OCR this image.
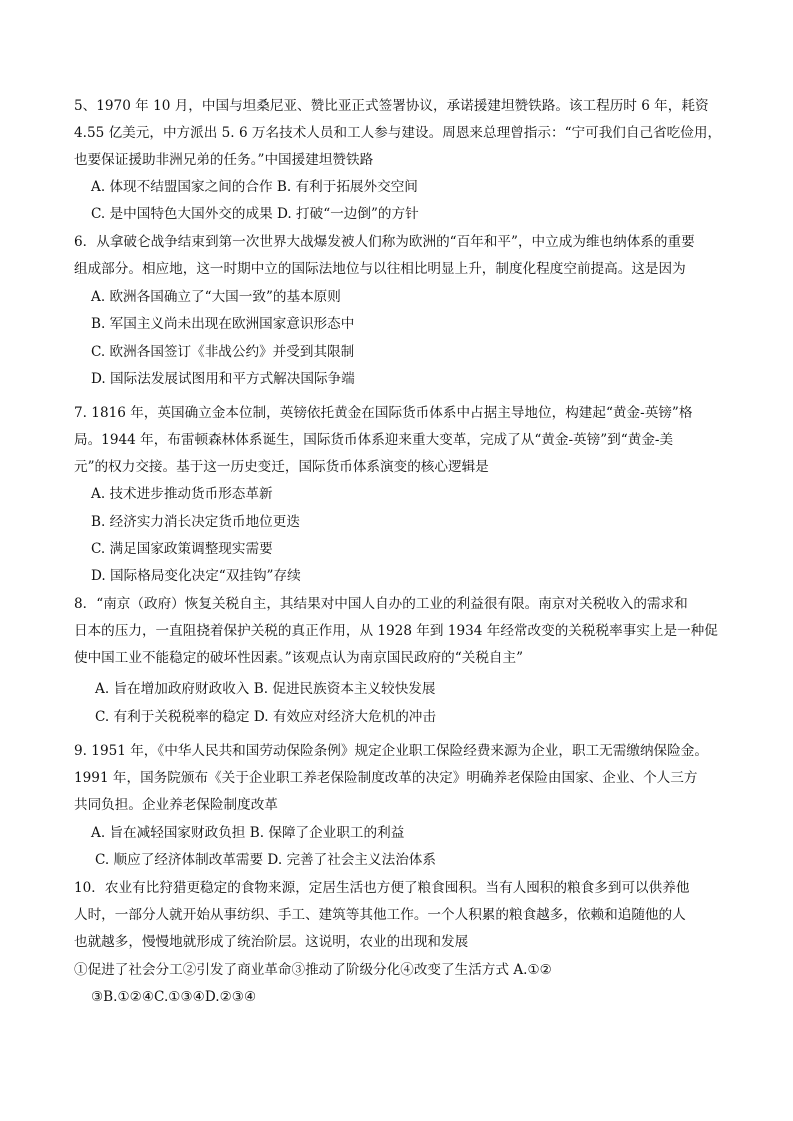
5、1970 年 10 月，中国与坦桑尼亚、赞比亚正式签署协议，承诺援建坦赞铁路。该工程历时 6 年，耗资
4.55 亿美元，中方派出 5. 6 万名技术人员和工人参与建设。周恩来总理曾指示：“宁可我们自己省吃俭用，
也要保证援助非洲兄弟的任务。”中国援建坦赞铁路
A. 体现不结盟国家之间的合作 B. 有利于拓展外交空间
C. 是中国特色大国外交的成果 D. 打破“一边倒”的方针
6．从拿破仑战争结束到第一次世界大战爆发被人们称为欧洲的“百年和平”，中立成为维也纳体系的重要
组成部分。相应地，这一时期中立的国际法地位与以往相比明显上升，制度化程度空前提高。这是因为
A. 欧洲各国确立了“大国一致”的基本原则
B. 军国主义尚未出现在欧洲国家意识形态中
C. 欧洲各国签订《非战公约》并受到其限制
D. 国际法发展试图用和平方式解决国际争端
7. 1816 年，英国确立金本位制，英镑依托黄金在国际货币体系中占据主导地位，构建起“黄金-英镑”格
局。1944 年，布雷顿森林体系诞生，国际货币体系迎来重大变革，完成了从“黄金-英镑”到“黄金-美
元”的权力交接。基于这一历史变迁，国际货币体系演变的核心逻辑是
A. 技术进步推动货币形态革新
B. 经济实力消长决定货币地位更迭
C. 满足国家政策调整现实需要
D. 国际格局变化决定“双挂钩”存续
8．“南京（政府）恢复关税自主，其结果对中国人自办的工业的利益很有限。南京对关税收入的需求和
日本的压力，一直阻挠着保护关税的真正作用，从 1928 年到 1934 年经常改变的关税税率事实上是一种促
使中国工业不能稳定的破坏性因素。”该观点认为南京国民政府的“关税自主”
A. 旨在增加政府财政收入 B. 促进民族资本主义较快发展
C. 有利于关税税率的稳定 D. 有效应对经济大危机的冲击
9. 1951 年，《中华人民共和国劳动保险条例》规定企业职工保险经费来源为企业，职工无需缴纳保险金。
1991 年，国务院颁布《关于企业职工养老保险制度改革的决定》明确养老保险由国家、企业、个人三方
共同负担。企业养老保险制度改革
A. 旨在减轻国家财政负担 B. 保障了企业职工的利益
C. 顺应了经济体制改革需要 D. 完善了社会主义法治体系
10．农业有比狩猎更稳定的食物来源，定居生活也方便了粮食囤积。当有人囤积的粮食多到可以供养他
人时，一部分人就开始从事纺织、手工、建筑等其他工作。一个人积累的粮食越多，依赖和追随他的人
也就越多，慢慢地就形成了统治阶层。这说明，农业的出现和发展
①促进了社会分工②引发了商业革命③推动了阶级分化④改变了生活方式 A.①②
③B.①②④C.①③④D.②③④
